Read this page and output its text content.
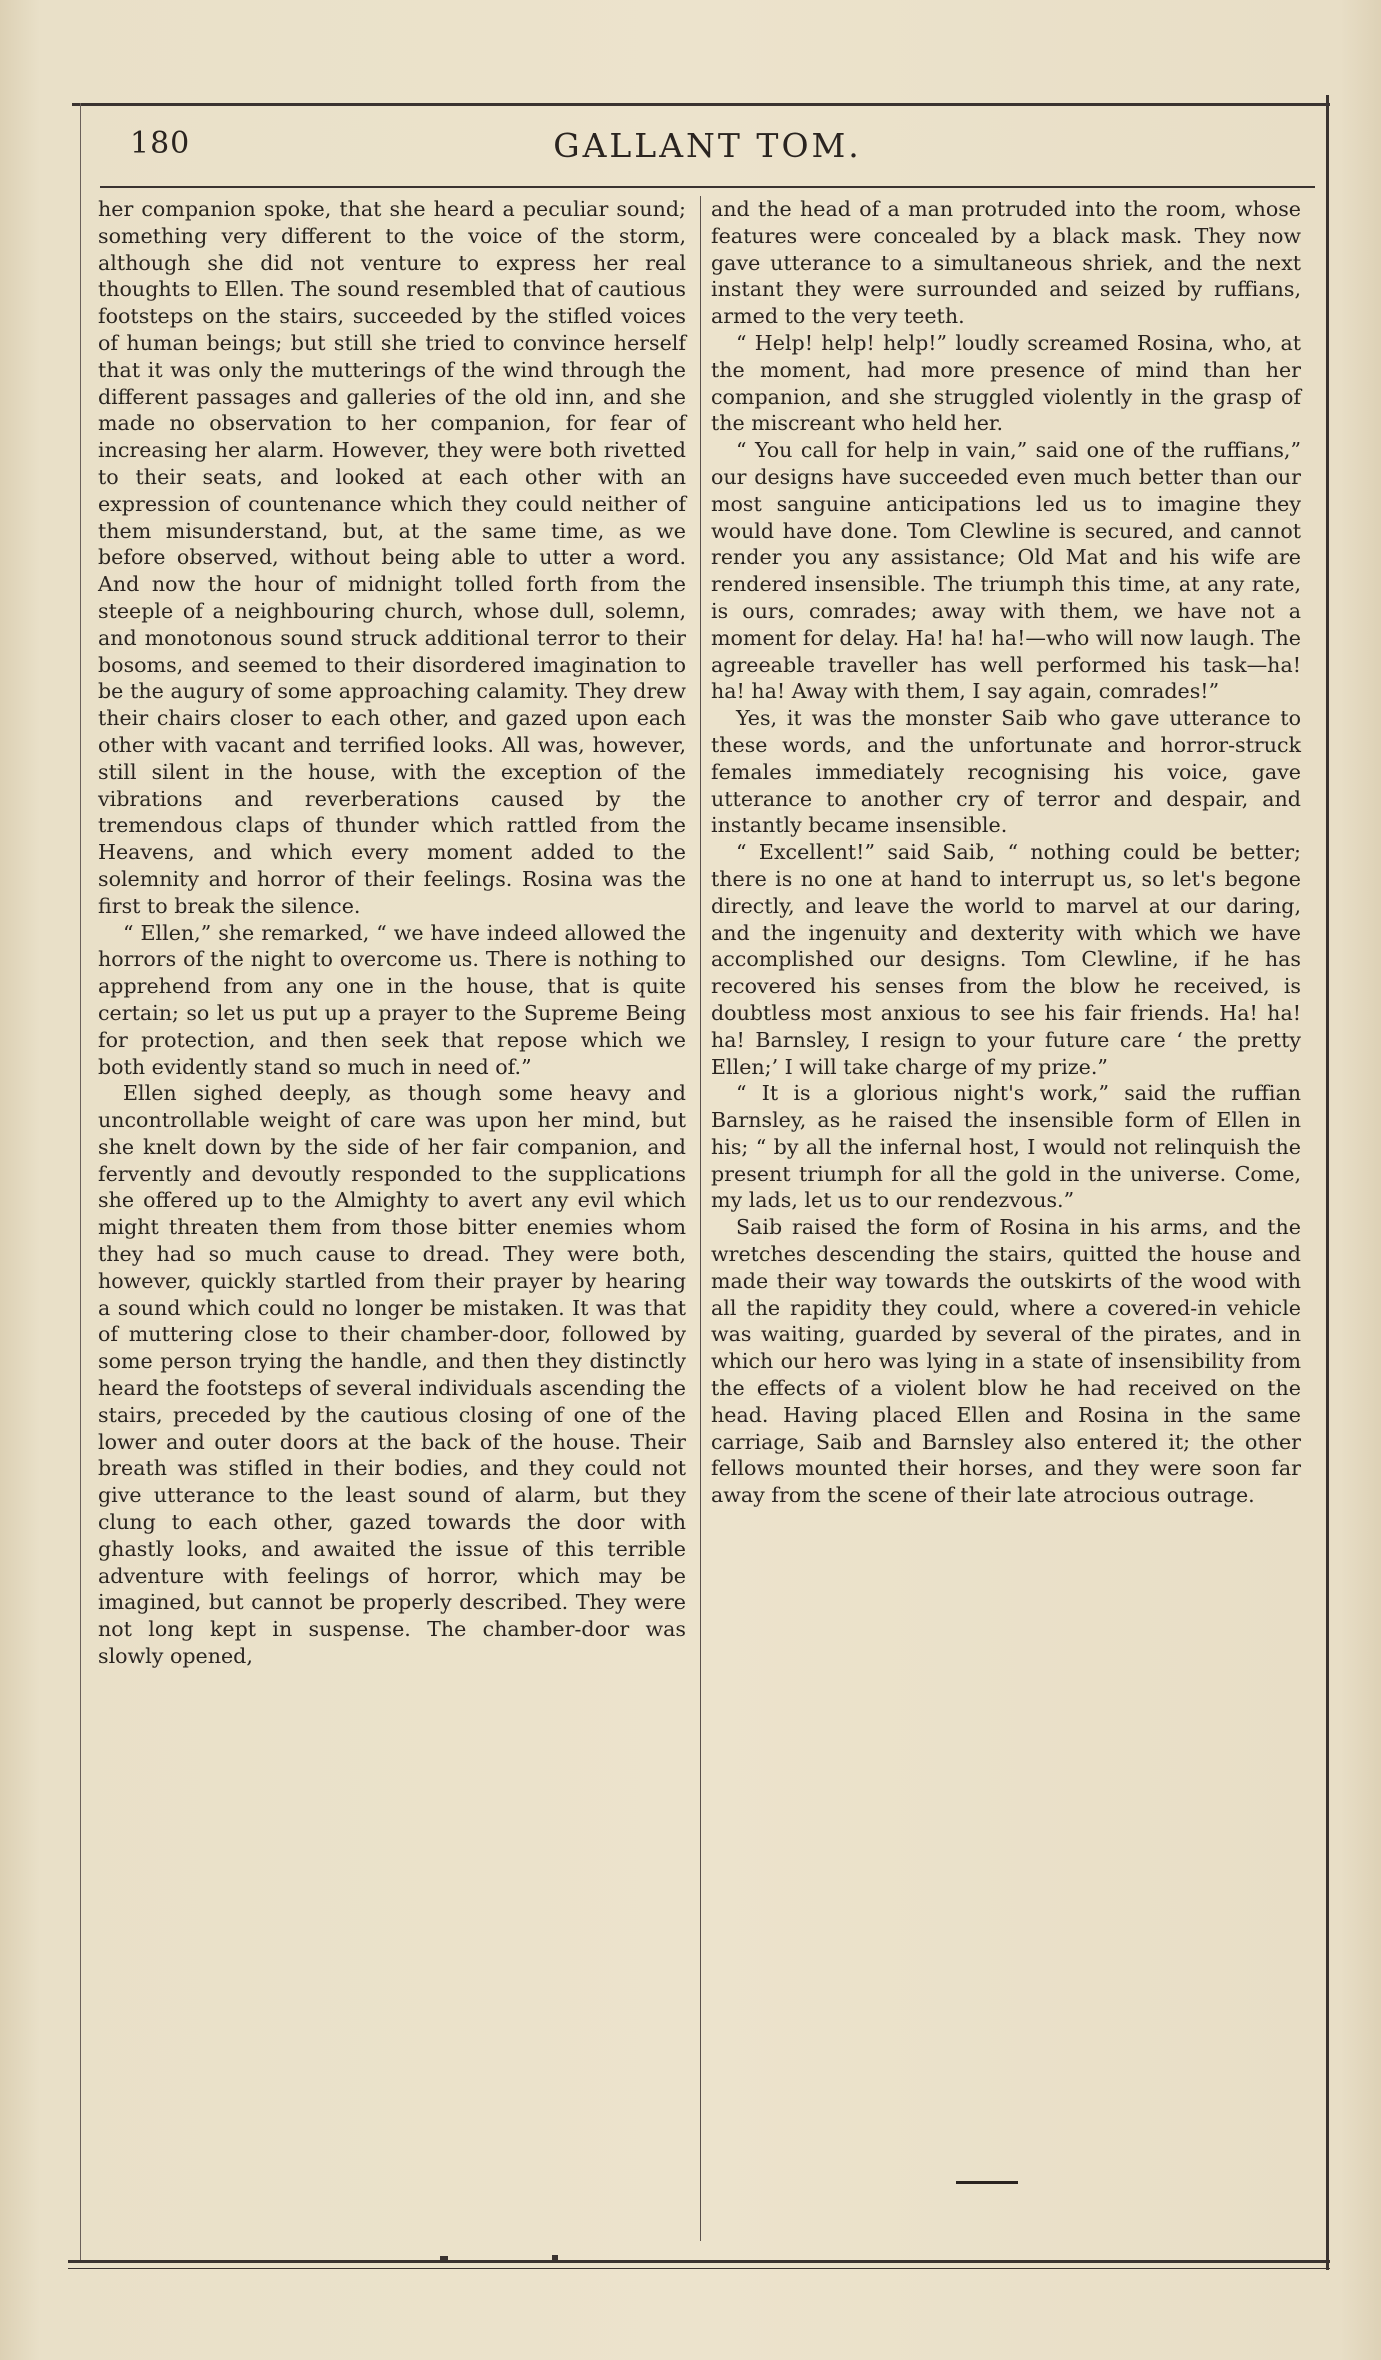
180	GALLANT TOM.

her companion spoke, that she heard a peculiar sound; something very different to the voice of the storm, although she did not venture to express her real thoughts to Ellen. The sound resembled that of cautious footsteps on the stairs, succeeded by the stifled voices of human beings; but still she tried to convince herself that it was only the mutterings of the wind through the different passages and galleries of the old inn, and she made no observation to her companion, for fear of increasing her alarm. However, they were both rivetted to their seats, and looked at each other with an expression of countenance which they could neither of them misunderstand, but, at the same time, as we before observed, without being able to utter a word. And now the hour of midnight tolled forth from the steeple of a neighbouring church, whose dull, solemn, and monotonous sound struck additional terror to their bosoms, and seemed to their disordered imagination to be the augury of some approaching calamity. They drew their chairs closer to each other, and gazed upon each other with vacant and terrified looks. All was, however, still silent in the house, with the exception of the vibrations and reverberations caused by the tremendous claps of thunder which rattled from the Heavens, and which every moment added to the solemnity and horror of their feelings. Rosina was the first to break the silence.

“ Ellen,” she remarked, “ we have indeed allowed the horrors of the night to overcome us. There is nothing to apprehend from any one in the house, that is quite certain; so let us put up a prayer to the Supreme Being for protection, and then seek that repose which we both evidently stand so much in need of.”

Ellen sighed deeply, as though some heavy and uncontrollable weight of care was upon her mind, but she knelt down by the side of her fair companion, and fervently and devoutly responded to the supplications she offered up to the Almighty to avert any evil which might threaten them from those bitter enemies whom they had so much cause to dread. They were both, however, quickly startled from their prayer by hearing a sound which could no longer be mistaken. It was that of muttering close to their chamber-door, followed by some person trying the handle, and then they distinctly heard the footsteps of several individuals ascending the stairs, preceded by the cautious closing of one of the lower and outer doors at the back of the house. Their breath was stifled in their bodies, and they could not give utterance to the least sound of alarm, but they clung to each other, gazed towards the door with ghastly looks, and awaited the issue of this terrible adventure with feelings of horror, which may be imagined, but cannot be properly described. They were not long kept in suspense. The chamber-door was slowly opened,

and the head of a man protruded into the room, whose features were concealed by a black mask. They now gave utterance to a simultaneous shriek, and the next instant they were surrounded and seized by ruffians, armed to the very teeth.

“ Help! help! help!” loudly screamed Rosina, who, at the moment, had more presence of mind than her companion, and she struggled violently in the grasp of the miscreant who held her.

“ You call for help in vain,” said one of the ruffians,” our designs have succeeded even much better than our most sanguine anticipations led us to imagine they would have done. Tom Clewline is secured, and cannot render you any assistance; Old Mat and his wife are rendered insensible. The triumph this time, at any rate, is ours, comrades; away with them, we have not a moment for delay. Ha! ha! ha!—who will now laugh. The agreeable traveller has well performed his task—ha! ha! ha! Away with them, I say again, comrades!”

Yes, it was the monster Saib who gave utterance to these words, and the unfortunate and horror-struck females immediately recognising his voice, gave utterance to another cry of terror and despair, and instantly became insensible.

“ Excellent!” said Saib, “ nothing could be better; there is no one at hand to interrupt us, so let's begone directly, and leave the world to marvel at our daring, and the ingenuity and dexterity with which we have accomplished our designs. Tom Clewline, if he has recovered his senses from the blow he received, is doubtless most anxious to see his fair friends. Ha! ha! ha! Barnsley, I resign to your future care ‘ the pretty Ellen;’ I will take charge of my prize.”

“ It is a glorious night's work,” said the ruffian Barnsley, as he raised the insensible form of Ellen in his; “ by all the infernal host, I would not relinquish the present triumph for all the gold in the universe. Come, my lads, let us to our rendezvous.”

Saib raised the form of Rosina in his arms, and the wretches descending the stairs, quitted the house and made their way towards the outskirts of the wood with all the rapidity they could, where a covered-in vehicle was waiting, guarded by several of the pirates, and in which our hero was lying in a state of insensibility from the effects of a violent blow he had received on the head. Having placed Ellen and Rosina in the same carriage, Saib and Barnsley also entered it; the other fellows mounted their horses, and they were soon far away from the scene of their late atrocious outrage.
